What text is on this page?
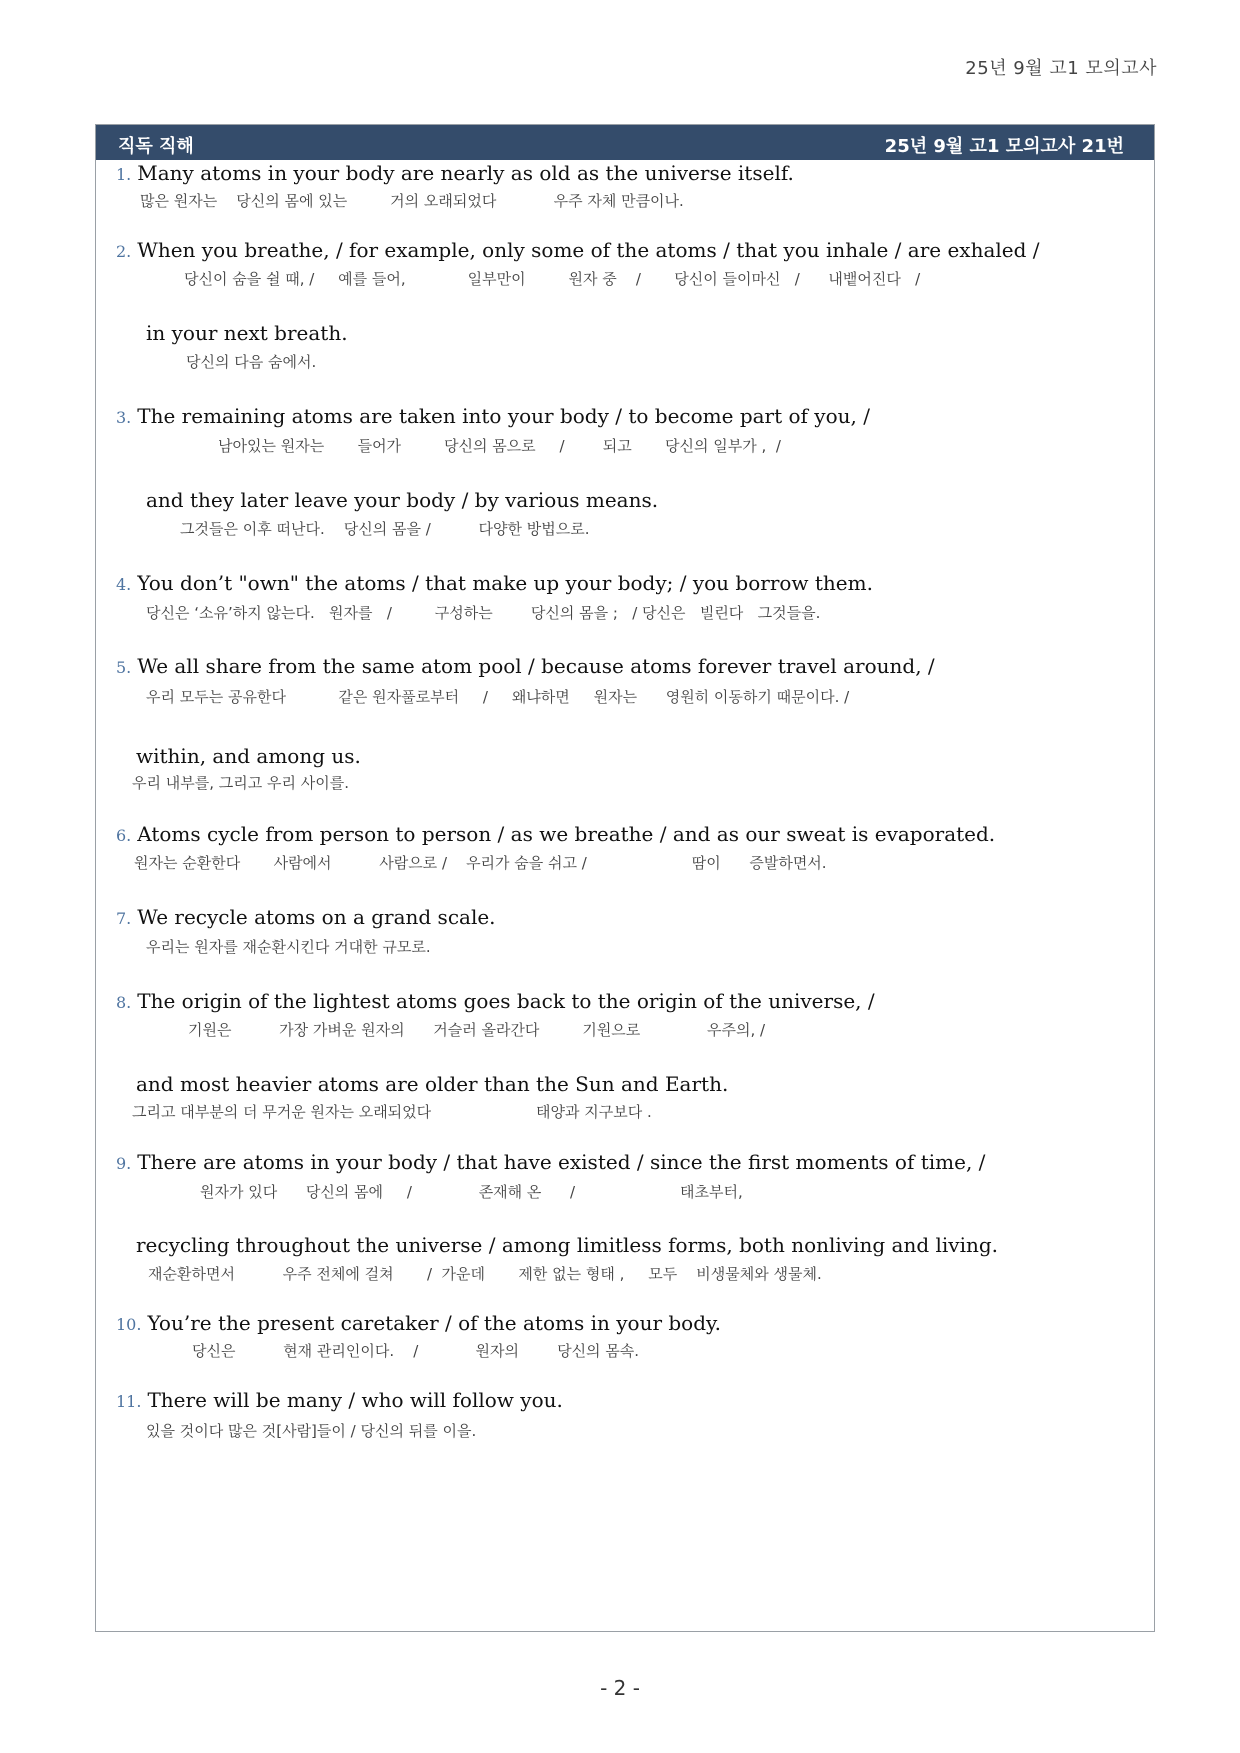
25년 9월 고1 모의고사
직독 직해	25년 9월 고1 모의고사 21번
1. Many atoms in your body are nearly as old as the universe itself.
많은 원자는    당신의 몸에 있는         거의 오래되었다            우주 자체 만큼이나.
2. When you breathe, / for example, only some of the atoms / that you inhale / are exhaled /
당신이 숨을 쉴 때, /     예를 들어,             일부만이         원자 중    /       당신이 들이마신   /      내뱉어진다   /
in your next breath.
당신의 다음 숨에서.
3. The remaining atoms are taken into your body / to become part of you, /
남아있는 원자는       들어가         당신의 몸으로     /        되고       당신의 일부가 ,  /
and they later leave your body / by various means.
그것들은 이후 떠난다.    당신의 몸을 /          다양한 방법으로.
4. You don’t "own" the atoms / that make up your body; / you borrow them.
당신은 ‘소유’하지 않는다.   원자를   /         구성하는        당신의 몸을 ;   / 당신은   빌린다   그것들을.
5. We all share from the same atom pool / because atoms forever travel around, /
우리 모두는 공유한다           같은 원자풀로부터     /     왜냐하면     원자는      영원히 이동하기 때문이다. /
within, and among us.
우리 내부를, 그리고 우리 사이를.
6. Atoms cycle from person to person / as we breathe / and as our sweat is evaporated.
원자는 순환한다       사람에서          사람으로 /    우리가 숨을 쉬고 /                      땀이      증발하면서.
7. We recycle atoms on a grand scale.
우리는 원자를 재순환시킨다 거대한 규모로.
8. The origin of the lightest atoms goes back to the origin of the universe, /
기원은          가장 가벼운 원자의      거슬러 올라간다         기원으로              우주의, /
and most heavier atoms are older than the Sun and Earth.
그리고 대부분의 더 무거운 원자는 오래되었다                      태양과 지구보다 .
9. There are atoms in your body / that have existed / since the first moments of time, /
원자가 있다      당신의 몸에     /              존재해 온      /                      태초부터,
recycling throughout the universe / among limitless forms, both nonliving and living.
재순환하면서          우주 전체에 걸쳐       /  가운데       제한 없는 형태 ,     모두    비생물체와 생물체.
10. You’re the present caretaker / of the atoms in your body.
당신은          현재 관리인이다.    /            원자의        당신의 몸속.
11. There will be many / who will follow you.
있을 것이다 많은 것[사람]들이 / 당신의 뒤를 이을.
- 2 -
